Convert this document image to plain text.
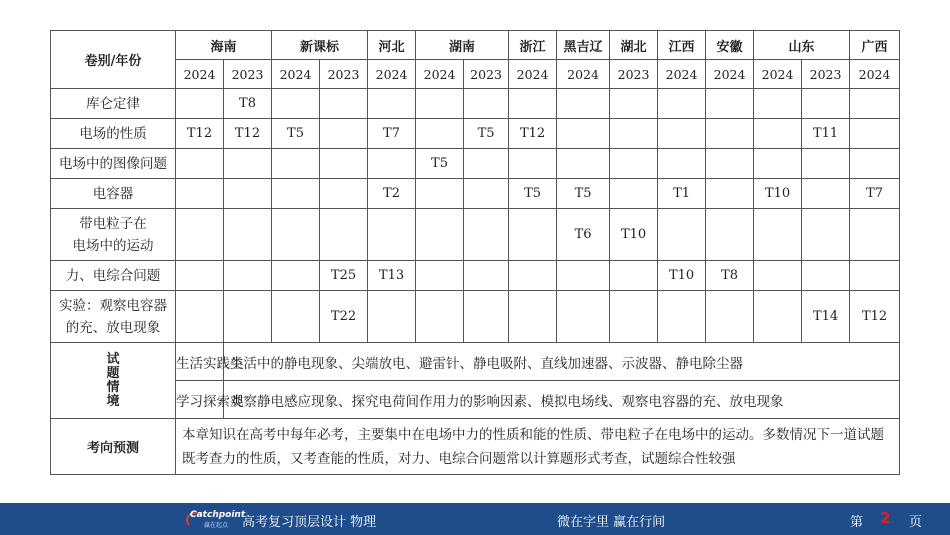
卷别/年份	海南		新课标		河北	湖南		浙江	黑吉辽	湖北	江西	安徽	山东		广西
	2024	2023	2024	2023	2024	2024	2023	2024	2024	2023	2024	2024	2024	2023	2024
库仑定律		T8													
电场的性质	T12	T12	T5		T7		T5	T12						T11	
电场中的图像问题						T5									
电容器					T2			T5	T5		T1		T10		T7

带电粒子在
电场中的运动									T6	T10					
力、电综合问题				T25	T13						T10	T8			

实验：观察电容器
的充、放电现象				T22										T14	T12

试
题
情
境	生活实践类	生活中的静电现象、尖端放电、避雷针、静电吸附、直线加速器、示波器、静电除尘器													
	学习探索类	观察静电感应现象、探究电荷间作用力的影响因素、模拟电场线、观察电容器的充、放电现象													
考向预测	本章知识在高考中每年必考，主要集中在电场中力的性质和能的性质、带电粒子在电场中的运动。多数情况下一道试题既考查力的性质，又考查能的性质，对力、电综合问题常以计算题形式考查，试题综合性较强														
Catchpoint
赢在起点 高考复习顶层设计 物理	微在字里 赢在行间	第 2 页
